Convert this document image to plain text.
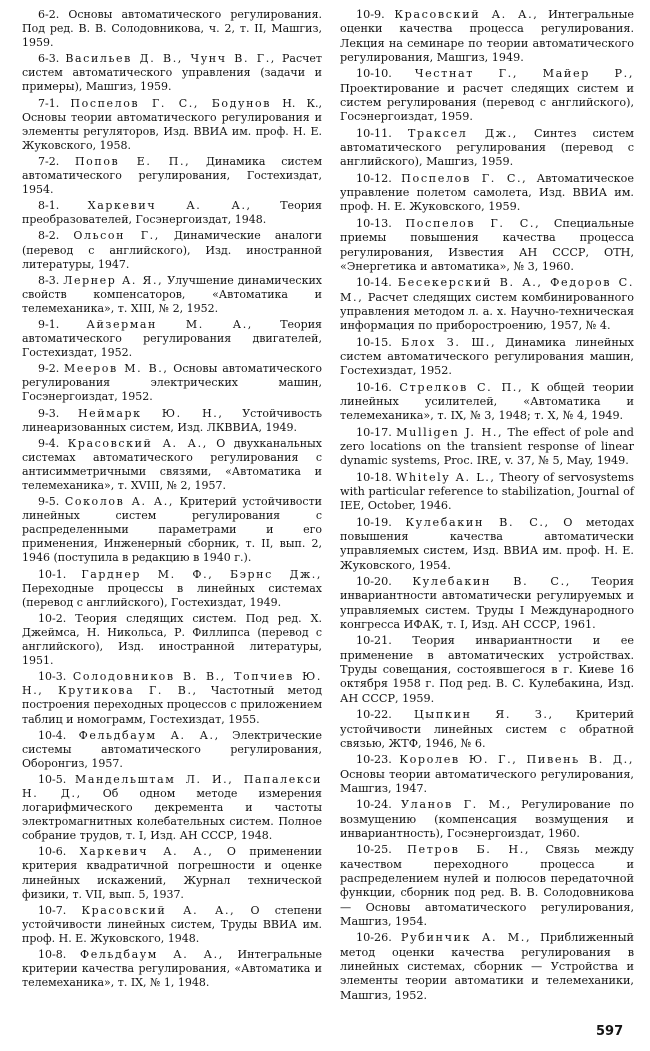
6-2. Основы автоматического регулирования. Под ред. В. В. Солодовникова, ч. 2, т. II, Машгиз, 1959.

6-3. Васильев Д. В., Чунч В. Г., Расчет систем автоматического управления (задачи и примеры), Машгиз, 1959.

7-1. Поспелов Г. С., Бодунов Н. К., Основы теории автоматического регулирования и элементы регуляторов, Изд. ВВИА им. проф. Н. Е. Жуковского, 1958.

7-2. Попов Е. П., Динамика систем автоматического регулирования, Гостехиздат, 1954.

8-1.	Харкевич А. А.,	Теория преобразователей, Госэнергоиздат, 1948.

8-2. Ольсон Г., Динамические аналоги (перевод с английского), Изд. иностранной литературы, 1947.

8-3. Лернер А. Я., Улучшение динамических свойств компенсаторов, «Автоматика и телемеханика», т. XIII, № 2, 1952.

9-1. Айзерман М. А., Теория автоматического регулирования двигателей, Гостехиздат, 1952.

9-2. Мееров М. В., Основы автоматического регулирования электрических машин, Госэнергоиздат, 1952.

9-3. Неймарк Ю. Н., Устойчивость линеаризованных систем, Изд. ЛКВВИА, 1949.

9-4. Красовский А. А., О двухканальных системах автоматического регулирования с антисимметричными связями, «Автоматика и телемеханика», т. XVIII, № 2, 1957.

9-5. Соколов А. А., Критерий устойчивости линейных систем регулирования с распределенными параметрами и его применения, Инженерный сборник, т. II, вып. 2, 1946 (поступила в редакцию в 1940 г.).

10-1. Гарднер М. Ф., Бэрнс Дж., Переходные процессы в линейных системах (перевод с английского), Гостехиздат, 1949.

10-2. Теория следящих систем. Под ред. Х. Джеймса, Н. Никольса, Р. Филлипса (перевод с английского), Изд. иностранной литературы, 1951.

10-3. Солодовников В. В., Топчиев Ю. Н., Крутикова Г. В., Частотный метод построения переходных процессов с приложением таблиц и номограмм, Гостехиздат, 1955.

10-4. Фельдбаум А. А., Электрические системы автоматического регулирования, Оборонгиз, 1957.

10-5. Мандельштам Л. И., Папалекси Н. Д., Об одном методе измерения логарифмического декремента и частоты электромагнитных колебательных систем. Полное собрание трудов, т. I, Изд. АН СССР, 1948.

10-6. Харкевич А. А., О применении критерия квадратичной погрешности и оценке линейных искажений, Журнал технической физики, т. VII, вып. 5, 1937.

10-7. Красовский А. А., О степени устойчивости линейных систем, Труды ВВИА им. проф. Н. Е. Жуковского, 1948.

10-8. Фельдбаум А. А., Интегральные критерии качества регулирования, «Автоматика и телемеханика», т. IX, № 1, 1948.

10-9. Красовский А. А., Интегральные оценки качества процесса регулирования. Лекция на семинаре по теории автоматического регулирования, Машгиз, 1949.

10-10. Честнат Г., Майер Р., Проектирование и расчет следящих систем и систем регулирования (перевод с английского), Госэнергоиздат, 1959.

10-11. Траксел Дж., Синтез систем автоматического регулирования (перевод с английского), Машгиз, 1959.

10-12. Поспелов Г. С., Автоматическое управление полетом самолета, Изд. ВВИА им. проф. Н. Е. Жуковского, 1959.

10-13. Поспелов Г. С., Специальные приемы повышения качества процесса регулирования, Известия АН СССР, ОТН, «Энергетика и автоматика», № 3, 1960.

10-14. Бесекерский В. А., Федоров С. М., Расчет следящих систем комбинированного управления методом л. а. х. Научно-техническая информация по приборостроению, 1957, № 4.

10-15. Блох З. Ш., Динамика линейных систем автоматического регулирования машин, Гостехиздат, 1952.

10-16. Стрелков С. П., К общей теории линейных усилителей, «Автоматика и телемеханика», т. IX, № 3, 1948; т. X, № 4, 1949.

10-17. Mulligen J. H., The effect of pole and zero locations on the transient response of linear dynamic systems, Proc. IRE, v. 37, № 5, May, 1949.

10-18. Whitely A. L., Theory of servosystems with particular reference to stabilization, Journal of IEE, October, 1946.

10-19. Кулебакин В. С., О методах повышения качества автоматически управляемых систем, Изд. ВВИА им. проф. Н. Е. Жуковского, 1954.

10-20. Кулебакин В. С., Теория инвариантности автоматически регулируемых и управляемых систем. Труды I Международного конгресса ИФАК, т. I, Изд. АН СССР, 1961.

10-21. Теория инвариантности и ее применение в автоматических устройствах. Труды совещания, состоявшегося в г. Киеве 16 октября 1958 г. Под ред. В. С. Кулебакина, Изд. АН СССР, 1959.

10-22. Цыпкин Я. З., Критерий устойчивости линейных систем с обратной связью, ЖТФ, 1946, № 6.

10-23. Королев Ю. Г., Пивень В. Д., Основы теории автоматического регулирования, Машгиз, 1947.

10-24. Уланов Г. М., Регулирование по возмущению (компенсация возмущения и инвариантность), Госэнергоиздат, 1960.

10-25. Петров Б. Н., Связь между качеством переходного процесса и распределением нулей и полюсов передаточной функции, сборник под ред. В. В. Солодовникова — Основы автоматического регулирования, Машгиз, 1954.

10-26. Рубинчик А. М., Приближенный метод оценки качества регулирования в линейных системах, сборник — Устройства и элементы теории автоматики и телемеханики, Машгиз, 1952.

597
